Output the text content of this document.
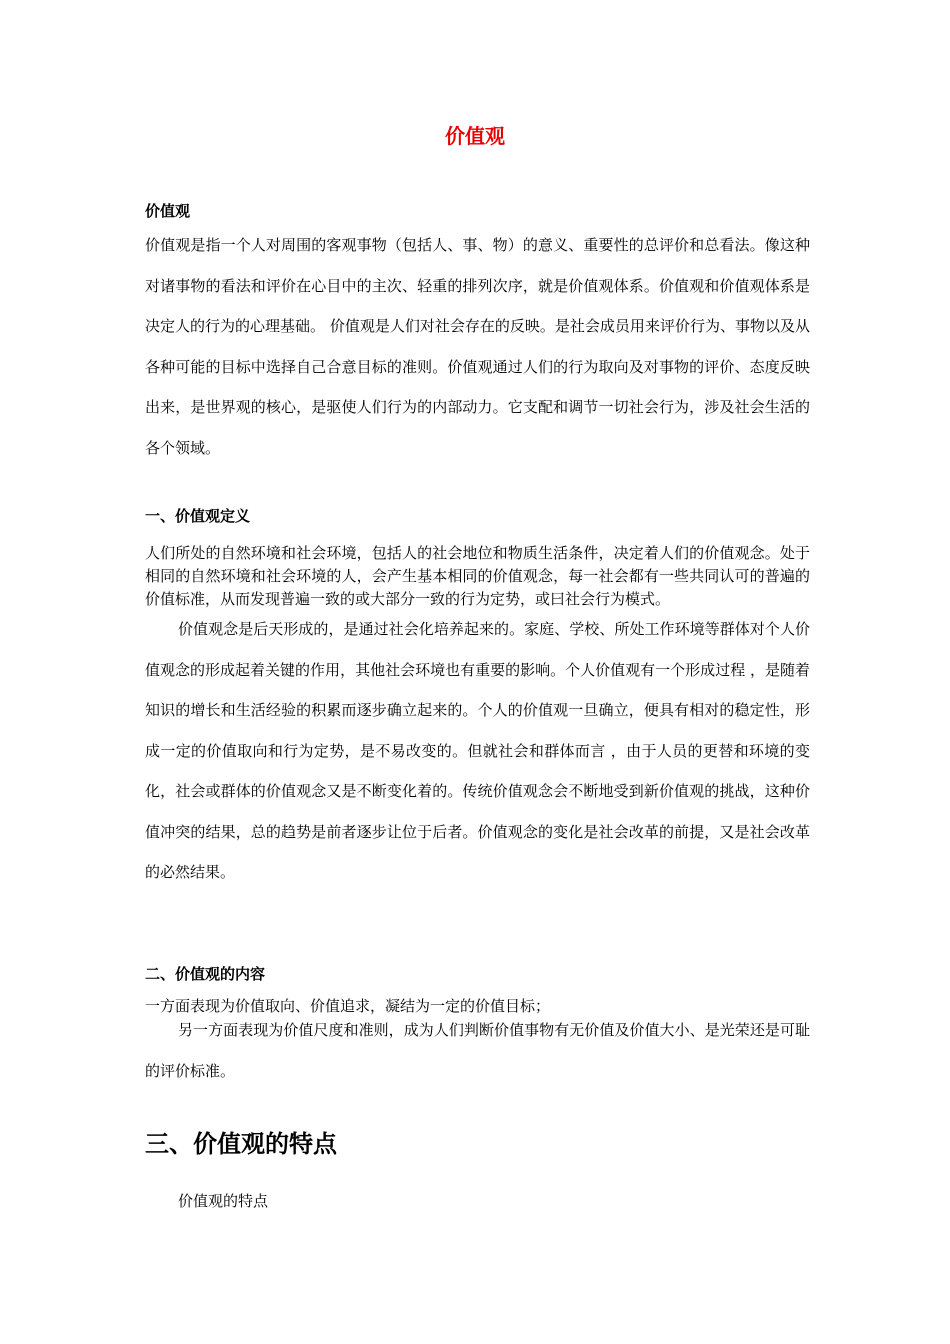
价值观
价值观

价值观是指一个人对周围的客观事物（包括人、事、物）的意义、重要性的总评价和总看法。像这种对诸事物的看法和评价在心目中的主次、轻重的排列次序，就是价值观体系。价值观和价值观体系是决定人的行为的心理基础。 价值观是人们对社会存在的反映。是社会成员用来评价行为、事物以及从各种可能的目标中选择自己合意目标的准则。价值观通过人们的行为取向及对事物的评价、态度反映出来，是世界观的核心，是驱使人们行为的内部动力。它支配和调节一切社会行为，涉及社会生活的各个领域。

一、价值观定义

人们所处的自然环境和社会环境，包括人的社会地位和物质生活条件，决定着人们的价值观念。处于相同的自然环境和社会环境的人，会产生基本相同的价值观念，每一社会都有一些共同认可的普遍的价值标准，从而发现普遍一致的或大部分一致的行为定势，或曰社会行为模式。

价值观念是后天形成的，是通过社会化培养起来的。家庭、学校、所处工作环境等群体对个人价值观念的形成起着关键的作用，其他社会环境也有重要的影响。个人价值观有一个形成过程 ，是随着知识的增长和生活经验的积累而逐步确立起来的。个人的价值观一旦确立，便具有相对的稳定性，形成一定的价值取向和行为定势，是不易改变的。但就社会和群体而言 ，由于人员的更替和环境的变化，社会或群体的价值观念又是不断变化着的。传统价值观念会不断地受到新价值观的挑战，这种价值冲突的结果，总的趋势是前者逐步让位于后者。价值观念的变化是社会改革的前提，又是社会改革的必然结果。

二、价值观的内容

一方面表现为价值取向、价值追求，凝结为一定的价值目标；

另一方面表现为价值尺度和准则，成为人们判断价值事物有无价值及价值大小、是光荣还是可耻的评价标准。

三、价值观的特点

价值观的特点
